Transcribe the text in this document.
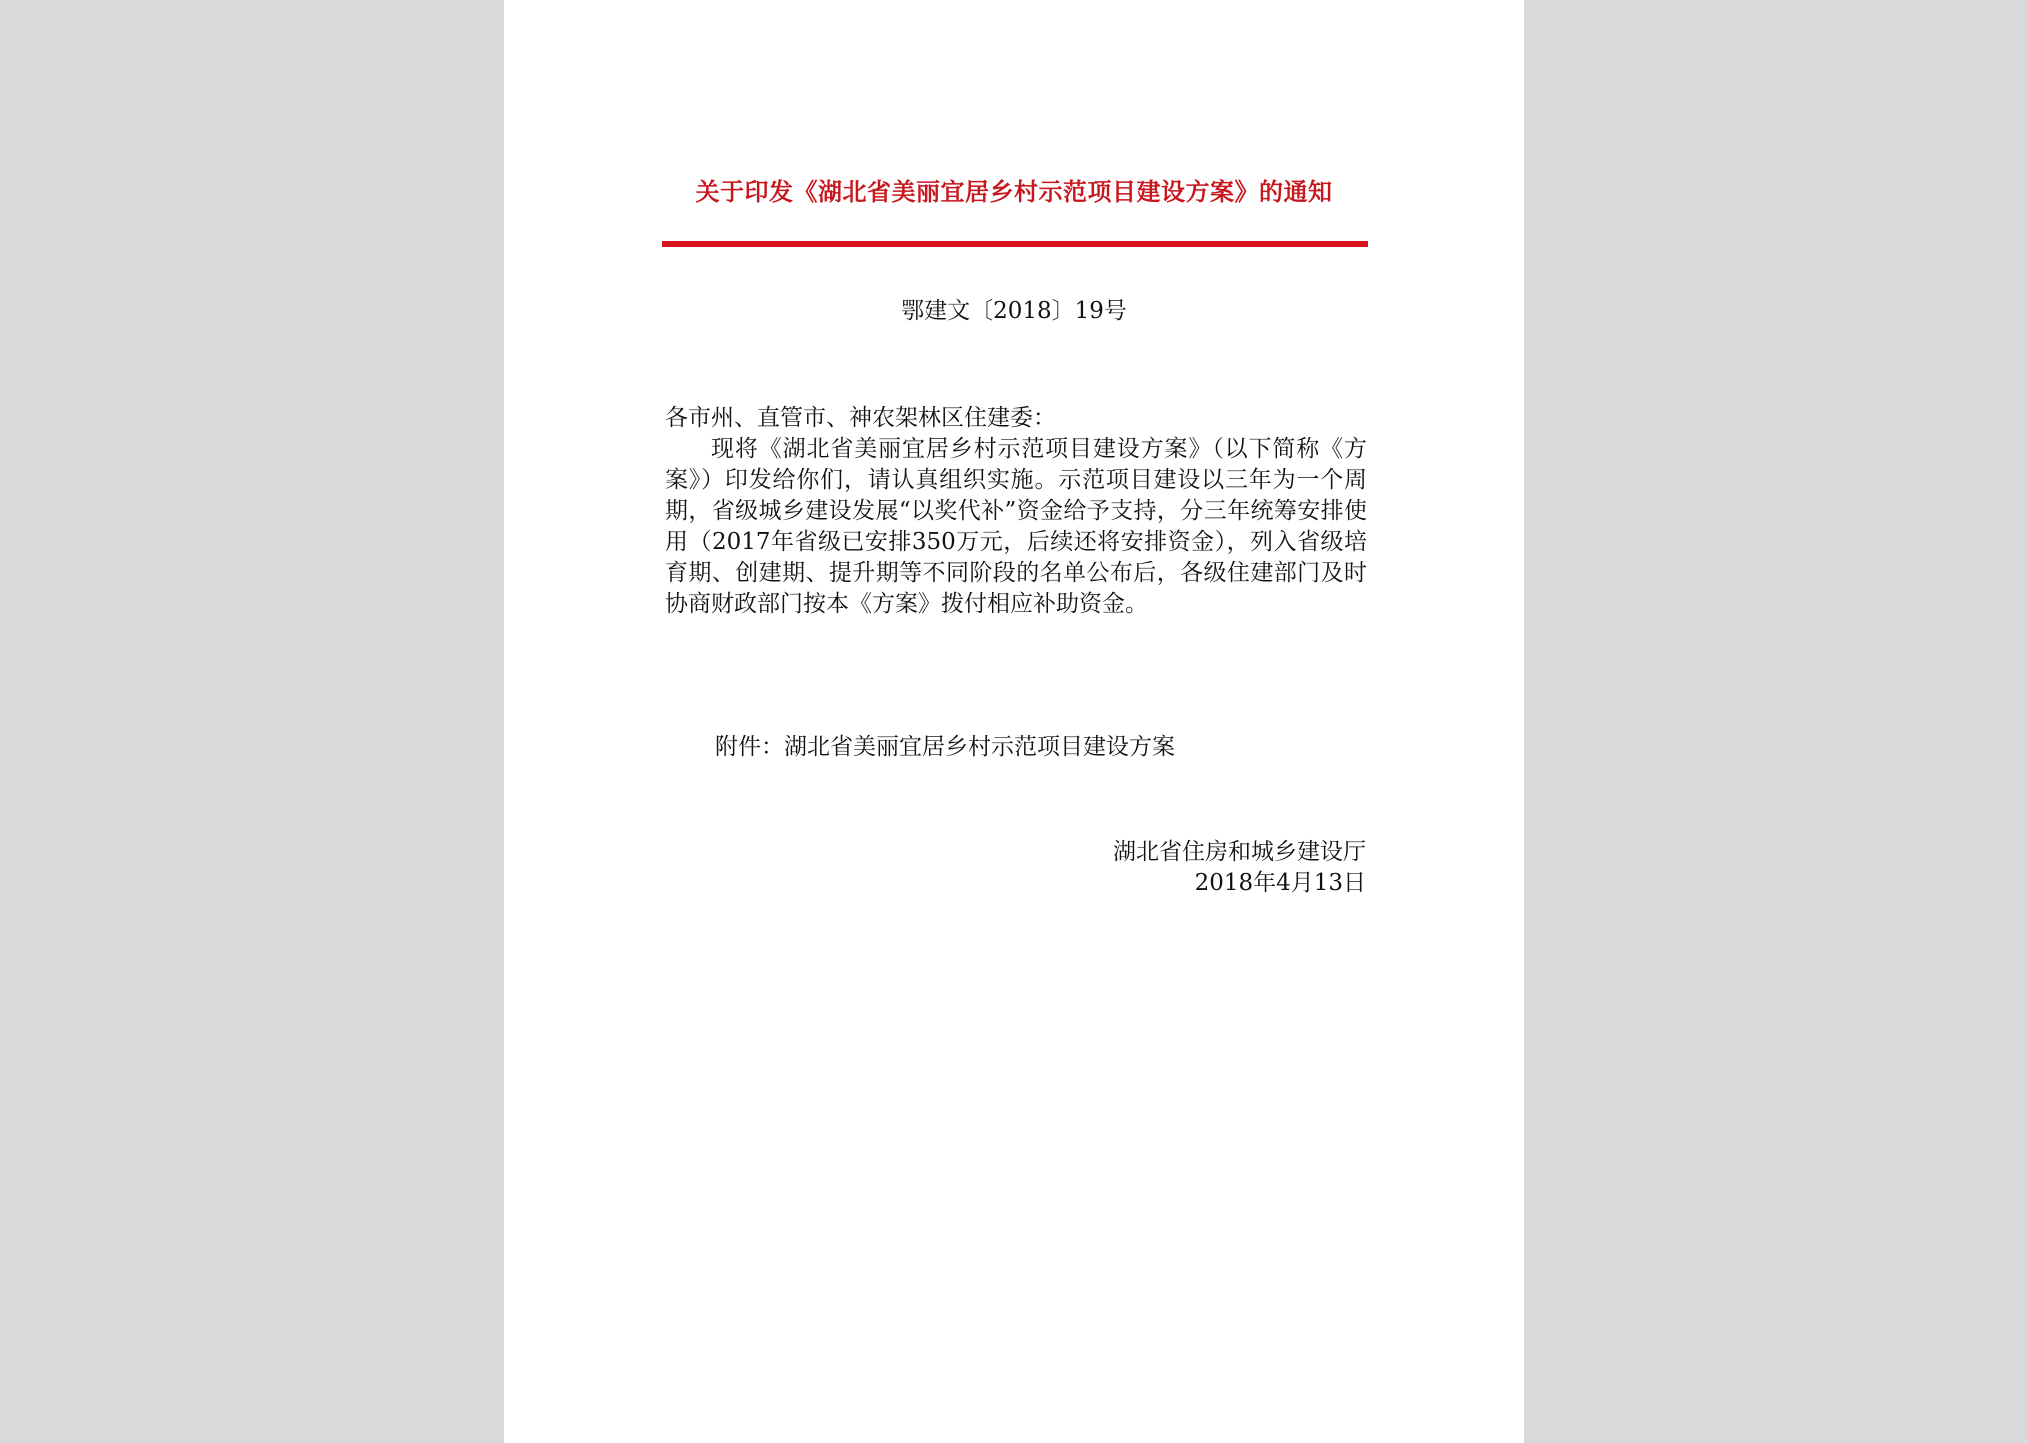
关于印发《湖北省美丽宜居乡村示范项目建设方案》的通知
鄂建文〔2018〕19号

各市州、直管市、神农架林区住建委：

现将《湖北省美丽宜居乡村示范项目建设方案》（以下简称《方案》）印发给你们，请认真组织实施。示范项目建设以三年为一个周期，省级城乡建设发展“以奖代补”资金给予支持，分三年统筹安排使用（2017年省级已安排350万元，后续还将安排资金），列入省级培育期、创建期、提升期等不同阶段的名单公布后，各级住建部门及时协商财政部门按本《方案》拨付相应补助资金。

附件：湖北省美丽宜居乡村示范项目建设方案
湖北省住房和城乡建设厅
2018年4月13日
